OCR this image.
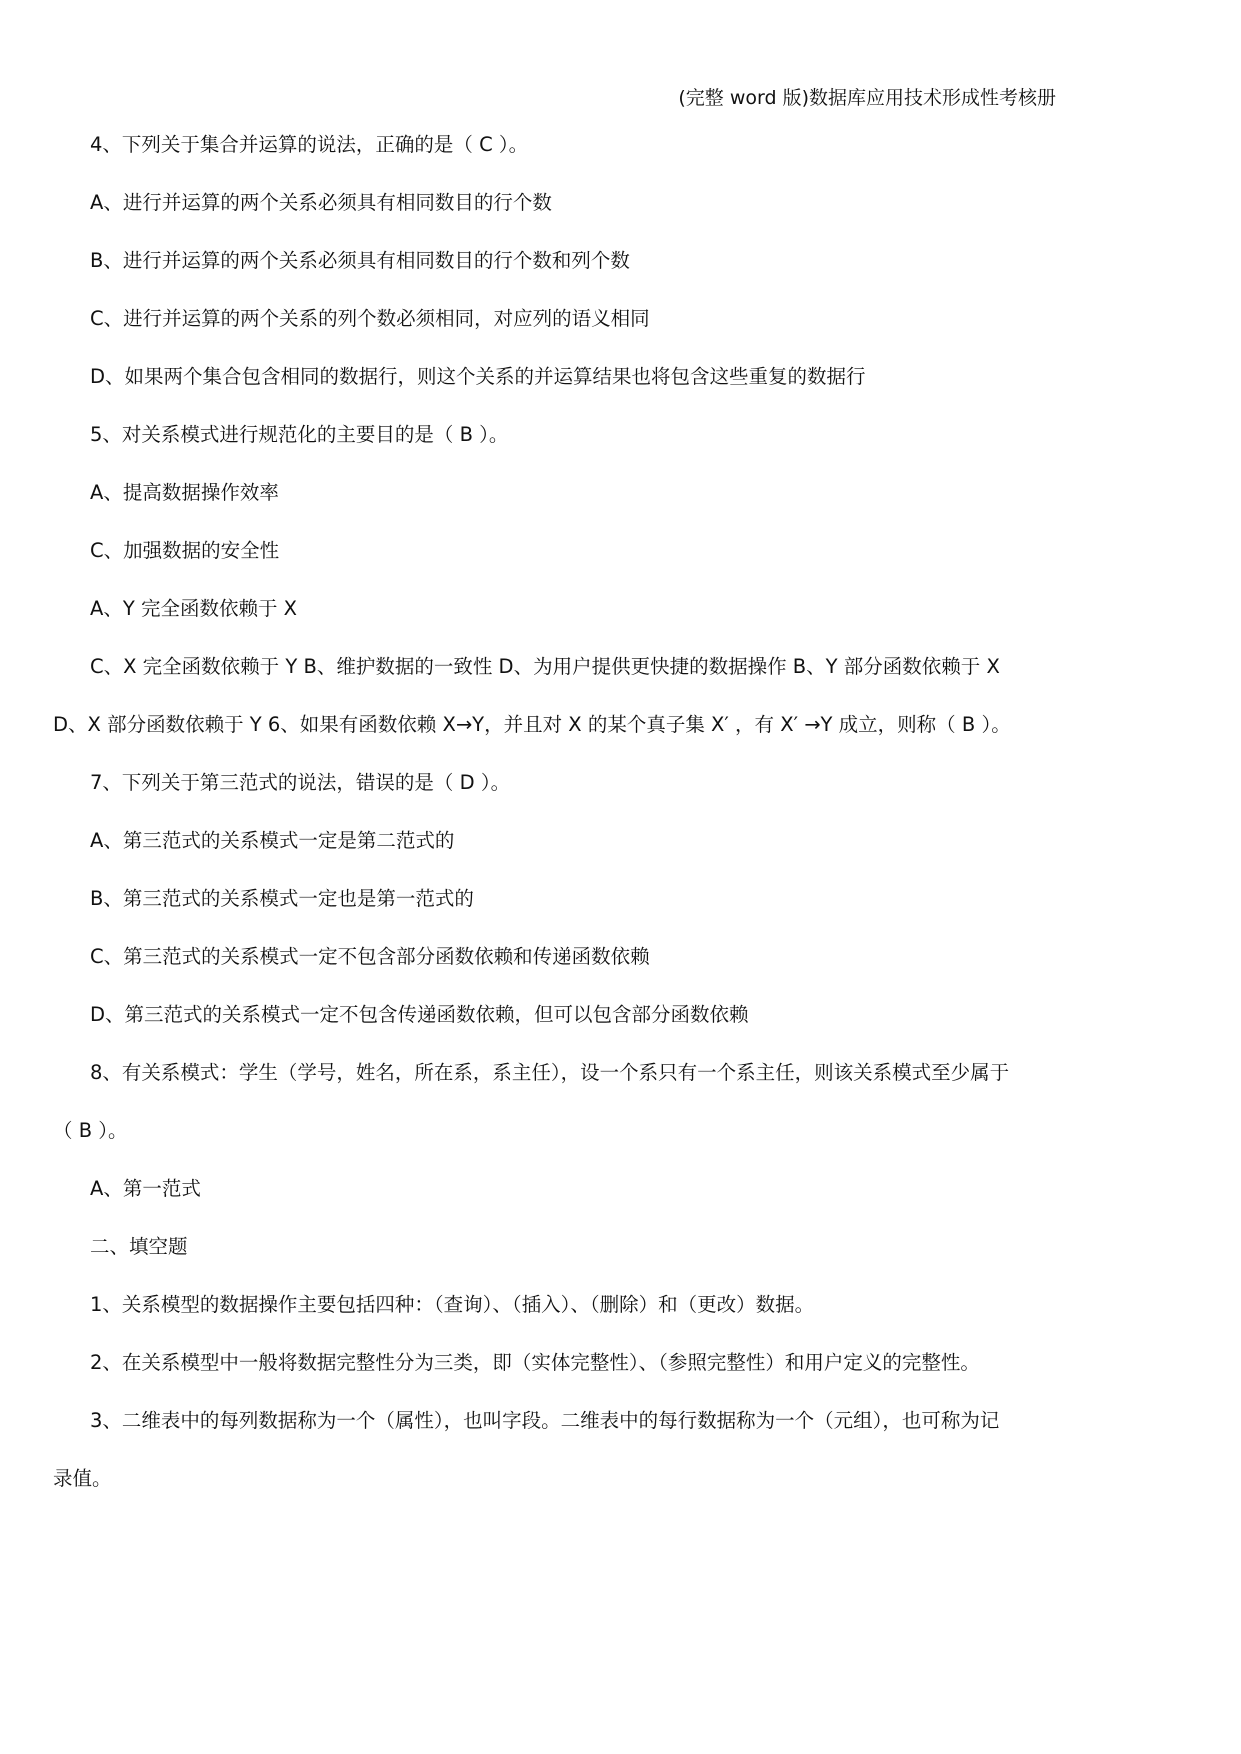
(完整 word 版)数据库应用技术形成性考核册
4、下列关于集合并运算的说法，正确的是（ C ）。
A、进行并运算的两个关系必须具有相同数目的行个数
B、进行并运算的两个关系必须具有相同数目的行个数和列个数
C、进行并运算的两个关系的列个数必须相同，对应列的语义相同
D、如果两个集合包含相同的数据行，则这个关系的并运算结果也将包含这些重复的数据行
5、对关系模式进行规范化的主要目的是（ B ）。
A、提高数据操作效率
C、加强数据的安全性
A、Y 完全函数依赖于 X
C、X 完全函数依赖于 Y B、维护数据的一致性 D、为用户提供更快捷的数据操作 B、Y 部分函数依赖于 X
D、X 部分函数依赖于 Y 6、如果有函数依赖 X→Y，并且对 X 的某个真子集 X′ ，有 X′ →Y 成立，则称（ B ）。
7、下列关于第三范式的说法，错误的是（ D ）。
A、第三范式的关系模式一定是第二范式的
B、第三范式的关系模式一定也是第一范式的
C、第三范式的关系模式一定不包含部分函数依赖和传递函数依赖
D、第三范式的关系模式一定不包含传递函数依赖，但可以包含部分函数依赖
8、有关系模式：学生（学号，姓名，所在系，系主任），设一个系只有一个系主任，则该关系模式至少属于
（ B ）。
A、第一范式
二、填空题
1、关系模型的数据操作主要包括四种：（查询）、（插入）、（删除）和（更改）数据。
2、在关系模型中一般将数据完整性分为三类，即（实体完整性）、（参照完整性）和用户定义的完整性。
3、二维表中的每列数据称为一个（属性），也叫字段。二维表中的每行数据称为一个（元组），也可称为记
录值。
